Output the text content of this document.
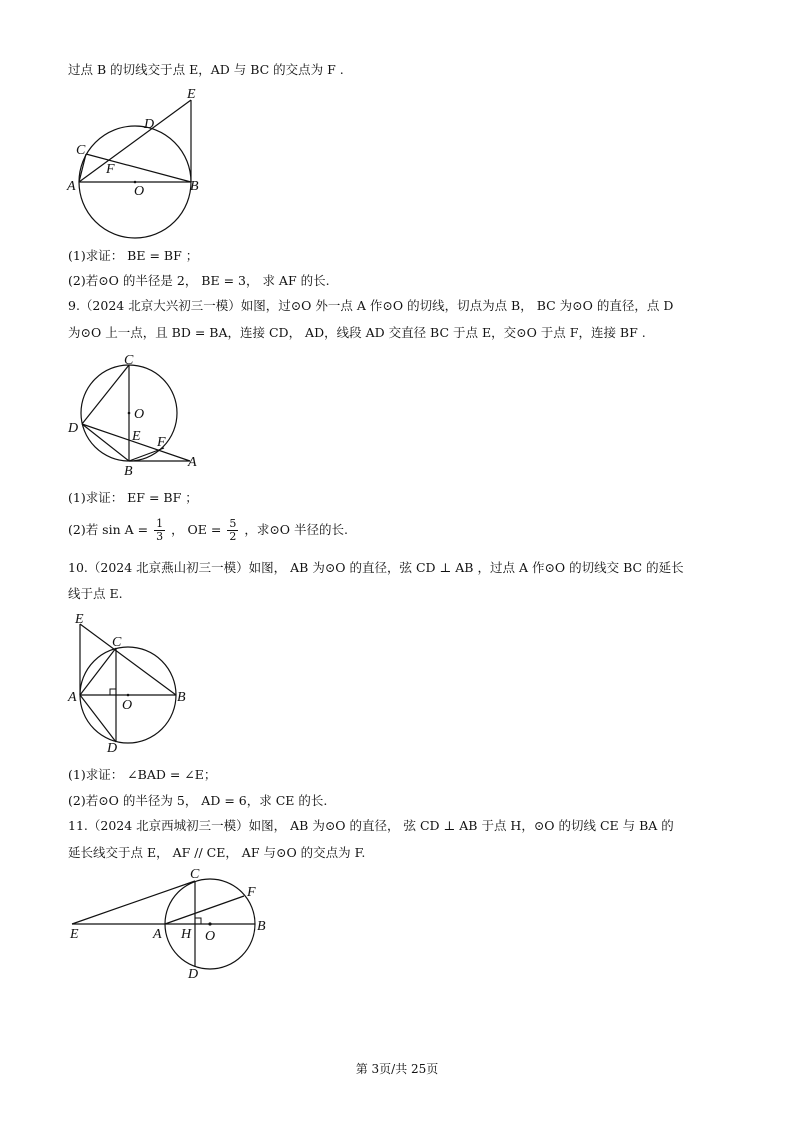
过点 B 的切线交于点 E，AD 与 BC 的交点为 F .
E
D
C
F
A	O	B
(1)求证： BE = BF ；
(2)若⊙O 的半径是 2， BE = 3， 求 AF 的长.
9.（2024 北京大兴初三一模）如图，过⊙O 外一点 A 作⊙O 的切线，切点为点 B， BC 为⊙O 的直径，点 D
为⊙O 上一点，且 BD = BA，连接 CD， AD，线段 AD 交直径 BC 于点 E，交⊙O 于点 F，连接 BF .
C
O
D
E F
B
A
(1)求证： EF = BF ；
(2)若 $\sin A = \frac{1}{3}$ ， OE = $\frac{5}{2}$ ，求⊙O 半径的长.
10.（2024 北京燕山初三一模）如图， AB 为⊙O 的直径，弦 CD ⊥ AB ，过点 A 作⊙O 的切线交 BC 的延长
线于点 E.
E
C
A
O
B
D
(1)求证： ∠BAD = ∠E；
(2)若⊙O 的半径为 5， AD = 6，求 CE 的长.
11.（2024 北京西城初三一模）如图， AB 为⊙O 的直径， 弦 CD ⊥ AB 于点 H，⊙O 的切线 CE 与 BA 的
延长线交于点 E， AF // CE， AF 与⊙O 的交点为 F.
C
F
E	A H O
B
D
第 3页/共 25页
